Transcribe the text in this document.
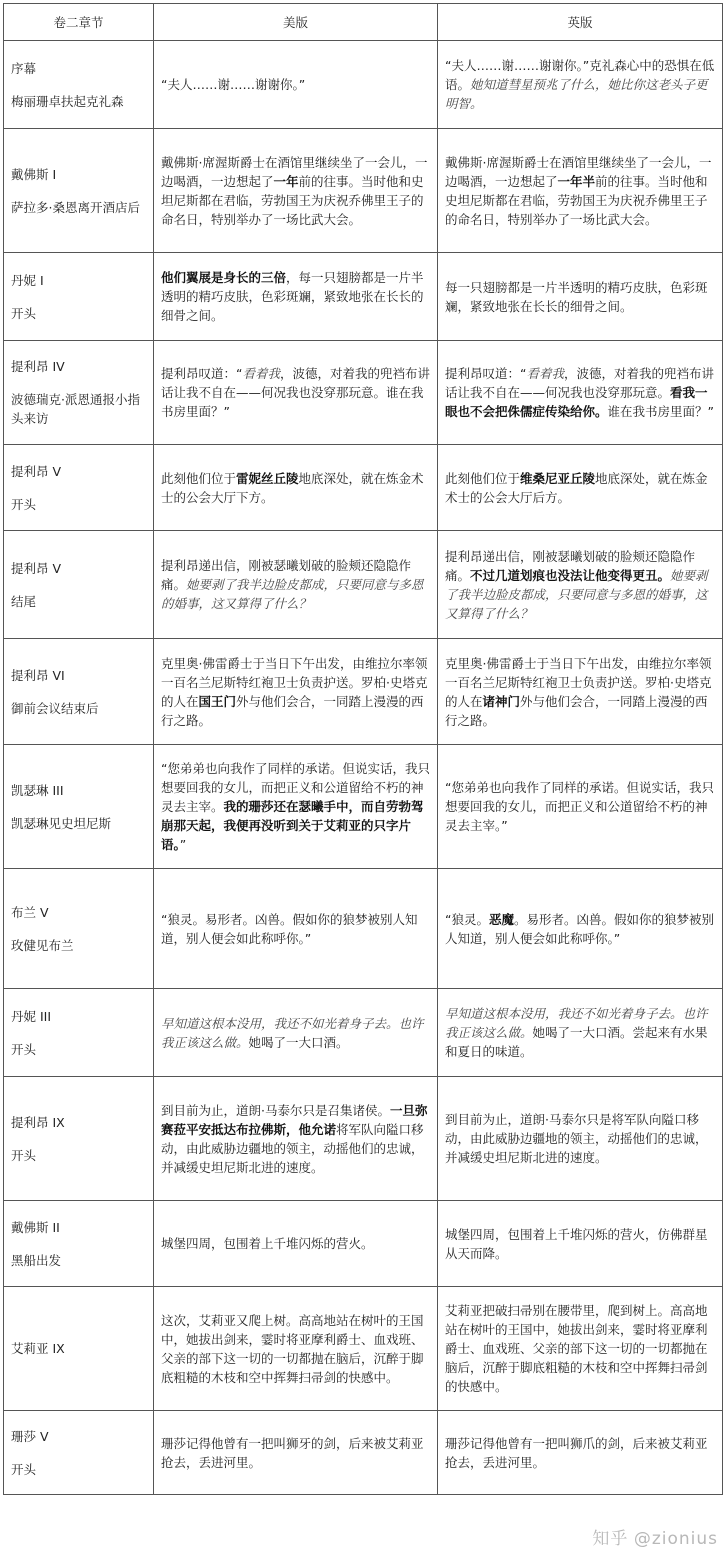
卷二章节	美版	英版

序幕
梅丽珊卓扶起克礼森	“夫人……谢……谢谢你。”	“夫人……谢……谢谢你。”克礼森心中的恐惧在低语。她知道彗星预兆了什么，她比你这老头子更明智。

戴佛斯 I
萨拉多·桑恩离开酒店后	戴佛斯·席渥斯爵士在酒馆里继续坐了一会儿，一边喝酒，一边想起了一年前的往事。当时他和史坦尼斯都在君临，劳勃国王为庆祝乔佛里王子的命名日，特别举办了一场比武大会。	戴佛斯·席渥斯爵士在酒馆里继续坐了一会儿，一边喝酒，一边想起了一年半前的往事。当时他和史坦尼斯都在君临，劳勃国王为庆祝乔佛里王子的命名日，特别举办了一场比武大会。

丹妮 I
开头	他们翼展是身长的三倍，每一只翅膀都是一片半透明的精巧皮肤，色彩斑斓，紧致地张在长长的细骨之间。	每一只翅膀都是一片半透明的精巧皮肤，色彩斑斓，紧致地张在长长的细骨之间。

提利昂 IV
波德瑞克·派恩通报小指头来访	提利昂叹道：“看着我，波德，对着我的兜裆布讲话让我不自在——何况我也没穿那玩意。谁在我书房里面？”	提利昂叹道：“看着我，波德，对着我的兜裆布讲话让我不自在——何况我也没穿那玩意。看我一眼也不会把侏儒症传染给你。谁在我书房里面？”

提利昂 V
开头	此刻他们位于雷妮丝丘陵地底深处，就在炼金术士的公会大厅下方。	此刻他们位于维桑尼亚丘陵地底深处，就在炼金术士的公会大厅后方。

提利昂 V
结尾	提利昂递出信，刚被瑟曦划破的脸颊还隐隐作痛。她要剥了我半边脸皮都成，只要同意与多恩的婚事，这又算得了什么？	提利昂递出信，刚被瑟曦划破的脸颊还隐隐作痛。不过几道划痕也没法让他变得更丑。她要剥了我半边脸皮都成，只要同意与多恩的婚事，这又算得了什么？

提利昂 VI
御前会议结束后	克里奥·佛雷爵士于当日下午出发，由维拉尔率领一百名兰尼斯特红袍卫士负责护送。罗柏·史塔克的人在国王门外与他们会合，一同踏上漫漫的西行之路。	克里奥·佛雷爵士于当日下午出发，由维拉尔率领一百名兰尼斯特红袍卫士负责护送。罗柏·史塔克的人在诸神门外与他们会合，一同踏上漫漫的西行之路。

凯瑟琳 III
凯瑟琳见史坦尼斯	“您弟弟也向我作了同样的承诺。但说实话，我只想要回我的女儿，而把正义和公道留给不朽的神灵去主宰。我的珊莎还在瑟曦手中，而自劳勃驾崩那天起，我便再没听到关于艾莉亚的只字片语。”	“您弟弟也向我作了同样的承诺。但说实话，我只想要回我的女儿，而把正义和公道留给不朽的神灵去主宰。”

布兰 V
玫健见布兰	“狼灵。易形者。凶兽。假如你的狼梦被别人知道，别人便会如此称呼你。”	“狼灵。恶魔。易形者。凶兽。假如你的狼梦被别人知道，别人便会如此称呼你。”

丹妮 III
开头	早知道这根本没用，我还不如光着身子去。也许我正该这么做。她喝了一大口酒。	早知道这根本没用，我还不如光着身子去。也许我正该这么做。她喝了一大口酒。尝起来有水果和夏日的味道。

提利昂 IX
开头	到目前为止，道朗·马泰尔只是召集诸侯。一旦弥赛菈平安抵达布拉佛斯，他允诺将军队向隘口移动，由此威胁边疆地的领主，动摇他们的忠诚，并减缓史坦尼斯北进的速度。	到目前为止，道朗·马泰尔只是将军队向隘口移动，由此威胁边疆地的领主，动摇他们的忠诚，并减缓史坦尼斯北进的速度。

戴佛斯 II
黑船出发	城堡四周，包围着上千堆闪烁的营火。	城堡四周，包围着上千堆闪烁的营火，仿佛群星从天而降。

艾莉亚 IX	这次，艾莉亚又爬上树。高高地站在树叶的王国中，她拔出剑来，霎时将亚摩利爵士、血戏班、父亲的部下这一切的一切都抛在脑后，沉醉于脚底粗糙的木枝和空中挥舞扫帚剑的快感中。	艾莉亚把破扫帚别在腰带里，爬到树上。高高地站在树叶的王国中，她拔出剑来，霎时将亚摩利爵士、血戏班、父亲的部下这一切的一切都抛在脑后，沉醉于脚底粗糙的木枝和空中挥舞扫帚剑的快感中。

珊莎 V
开头	珊莎记得他曾有一把叫狮牙的剑，后来被艾莉亚抢去，丢进河里。	珊莎记得他曾有一把叫狮爪的剑，后来被艾莉亚抢去，丢进河里。
知乎 @zionius
